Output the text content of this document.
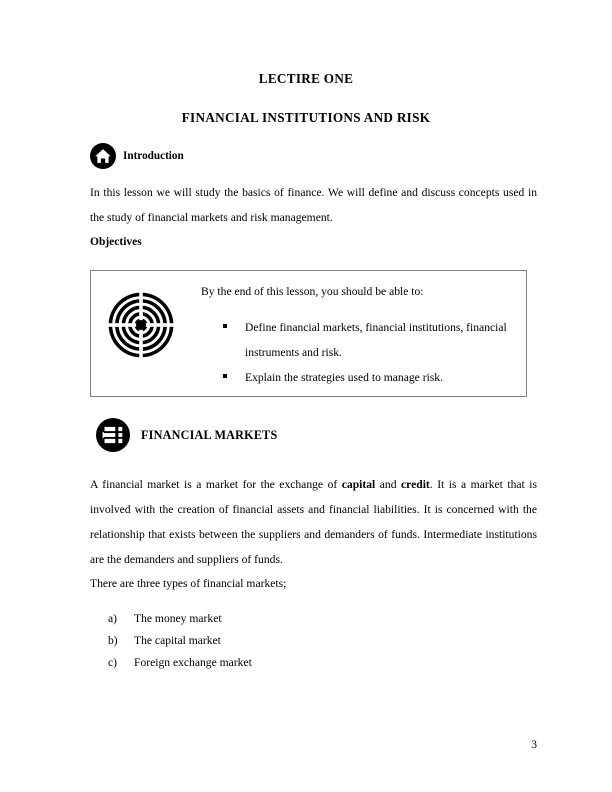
LECTIRE ONE
FINANCIAL INSTITUTIONS AND RISK
Introduction
In this lesson we will study the basics of finance. We will define and discuss concepts used in the study of financial markets and risk management.
Objectives
By the end of this lesson, you should be able to:
Define financial markets, financial institutions, financial instruments and risk.
Explain the strategies used to manage risk.
FINANCIAL MARKETS
A financial market is a market for the exchange of capital and credit. It is a market that is involved with the creation of financial assets and financial liabilities. It is concerned with the relationship that exists between the suppliers and demanders of funds. Intermediate institutions are the demanders and suppliers of funds.
There are three types of financial markets;
a)	The money market
b)	The capital market
c)	Foreign exchange market
3
